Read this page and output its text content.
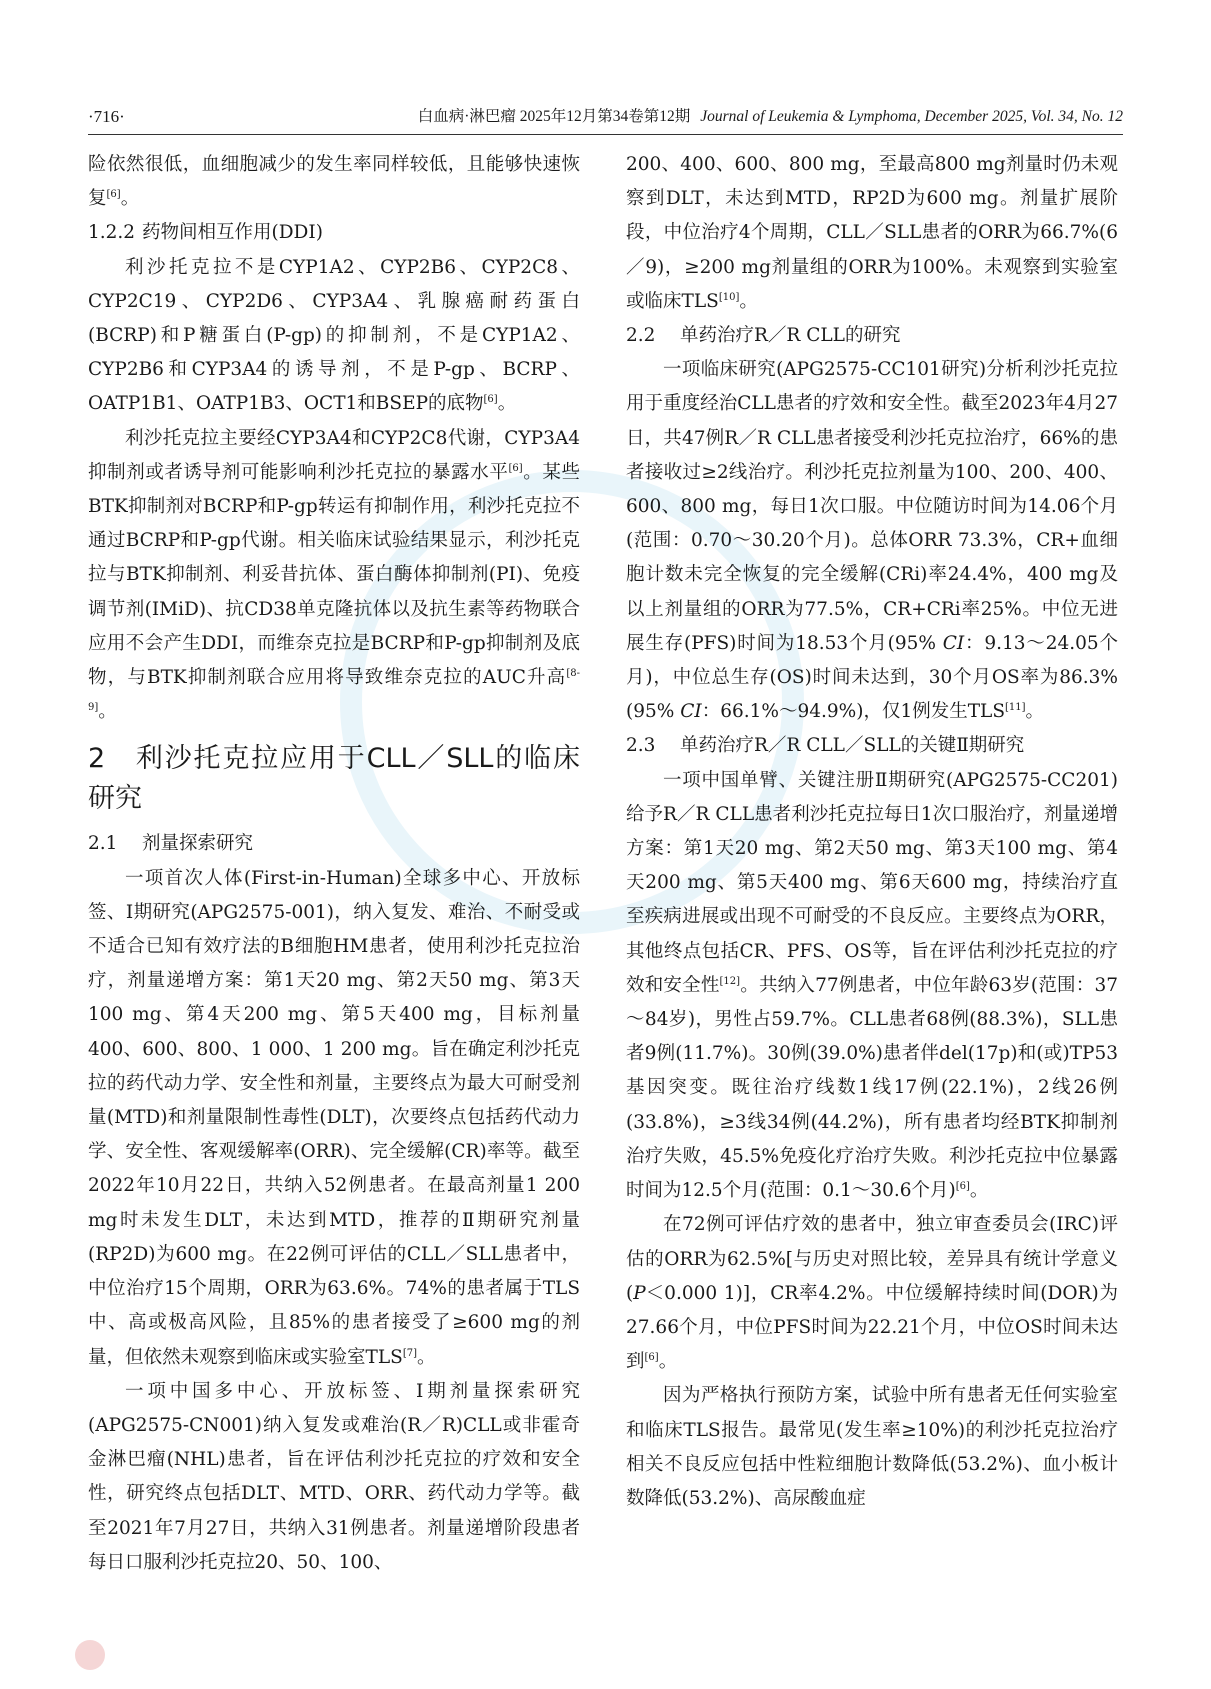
·716·	白血病·淋巴瘤 2025年12月第34卷第12期 Journal of Leukemia & Lymphoma, December 2025, Vol. 34, No. 12

险依然很低，血细胞减少的发生率同样较低，且能够快速恢复[6]。

1.2.2 药物间相互作用(DDI)

利沙托克拉不是CYP1A2、CYP2B6、CYP2C8、CYP2C19、CYP2D6、CYP3A4、乳腺癌耐药蛋白(BCRP)和P糖蛋白(P-gp)的抑制剂，不是CYP1A2、CYP2B6和CYP3A4的诱导剂，不是P-gp、BCRP、OATP1B1、OATP1B3、OCT1和BSEP的底物[6]。

利沙托克拉主要经CYP3A4和CYP2C8代谢，CYP3A4抑制剂或者诱导剂可能影响利沙托克拉的暴露水平[6]。某些BTK抑制剂对BCRP和P-gp转运有抑制作用，利沙托克拉不通过BCRP和P-gp代谢。相关临床试验结果显示，利沙托克拉与BTK抑制剂、利妥昔抗体、蛋白酶体抑制剂(PI)、免疫调节剂(IMiD)、抗CD38单克隆抗体以及抗生素等药物联合应用不会产生DDI，而维奈克拉是BCRP和P-gp抑制剂及底物，与BTK抑制剂联合应用将导致维奈克拉的AUC升高[8-9]。

2 利沙托克拉应用于CLL／SLL的临床研究

2.1 剂量探索研究

一项首次人体(First-in-Human)全球多中心、开放标签、Ⅰ期研究(APG2575-001)，纳入复发、难治、不耐受或不适合已知有效疗法的B细胞HM患者，使用利沙托克拉治疗，剂量递增方案：第1天20 mg、第2天50 mg、第3天100 mg、第4天200 mg、第5天400 mg，目标剂量400、600、800、1 000、1 200 mg。旨在确定利沙托克拉的药代动力学、安全性和剂量，主要终点为最大可耐受剂量(MTD)和剂量限制性毒性(DLT)，次要终点包括药代动力学、安全性、客观缓解率(ORR)、完全缓解(CR)率等。截至2022年10月22日，共纳入52例患者。在最高剂量1 200 mg时未发生DLT，未达到MTD，推荐的Ⅱ期研究剂量(RP2D)为600 mg。在22例可评估的CLL／SLL患者中，中位治疗15个周期，ORR为63.6%。74%的患者属于TLS中、高或极高风险，且85%的患者接受了≥600 mg的剂量，但依然未观察到临床或实验室TLS[7]。

一项中国多中心、开放标签、Ⅰ期剂量探索研究(APG2575-CN001)纳入复发或难治(R／R)CLL或非霍奇金淋巴瘤(NHL)患者，旨在评估利沙托克拉的疗效和安全性，研究终点包括DLT、MTD、ORR、药代动力学等。截至2021年7月27日，共纳入31例患者。剂量递增阶段患者每日口服利沙托克拉20、50、100、

200、400、600、800 mg，至最高800 mg剂量时仍未观察到DLT，未达到MTD，RP2D为600 mg。剂量扩展阶段，中位治疗4个周期，CLL／SLL患者的ORR为66.7%(6／9)，≥200 mg剂量组的ORR为100%。未观察到实验室或临床TLS[10]。

2.2 单药治疗R／R CLL的研究

一项临床研究(APG2575-CC101研究)分析利沙托克拉用于重度经治CLL患者的疗效和安全性。截至2023年4月27日，共47例R／R CLL患者接受利沙托克拉治疗，66%的患者接收过≥2线治疗。利沙托克拉剂量为100、200、400、600、800 mg，每日1次口服。中位随访时间为14.06个月(范围：0.70～30.20个月)。总体ORR 73.3%，CR+血细胞计数未完全恢复的完全缓解(CRi)率24.4%，400 mg及以上剂量组的ORR为77.5%，CR+CRi率25%。中位无进展生存(PFS)时间为18.53个月(95% CI：9.13～24.05个月)，中位总生存(OS)时间未达到，30个月OS率为86.3%(95% CI：66.1%～94.9%)，仅1例发生TLS[11]。

2.3 单药治疗R／R CLL／SLL的关键Ⅱ期研究

一项中国单臂、关键注册Ⅱ期研究(APG2575-CC201)给予R／R CLL患者利沙托克拉每日1次口服治疗，剂量递增方案：第1天20 mg、第2天50 mg、第3天100 mg、第4天200 mg、第5天400 mg、第6天600 mg，持续治疗直至疾病进展或出现不可耐受的不良反应。主要终点为ORR，其他终点包括CR、PFS、OS等，旨在评估利沙托克拉的疗效和安全性[12]。共纳入77例患者，中位年龄63岁(范围：37～84岁)，男性占59.7%。CLL患者68例(88.3%)，SLL患者9例(11.7%)。30例(39.0%)患者伴del(17p)和(或)TP53基因突变。既往治疗线数1线17例(22.1%)，2线26例(33.8%)，≥3线34例(44.2%)，所有患者均经BTK抑制剂治疗失败，45.5%免疫化疗治疗失败。利沙托克拉中位暴露时间为12.5个月(范围：0.1～30.6个月)[6]。

在72例可评估疗效的患者中，独立审查委员会(IRC)评估的ORR为62.5%[与历史对照比较，差异具有统计学意义(P＜0.000 1)]，CR率4.2%。中位缓解持续时间(DOR)为27.66个月，中位PFS时间为22.21个月，中位OS时间未达到[6]。

因为严格执行预防方案，试验中所有患者无任何实验室和临床TLS报告。最常见(发生率≥10%)的利沙托克拉治疗相关不良反应包括中性粒细胞计数降低(53.2%)、血小板计数降低(53.2%)、高尿酸血症
